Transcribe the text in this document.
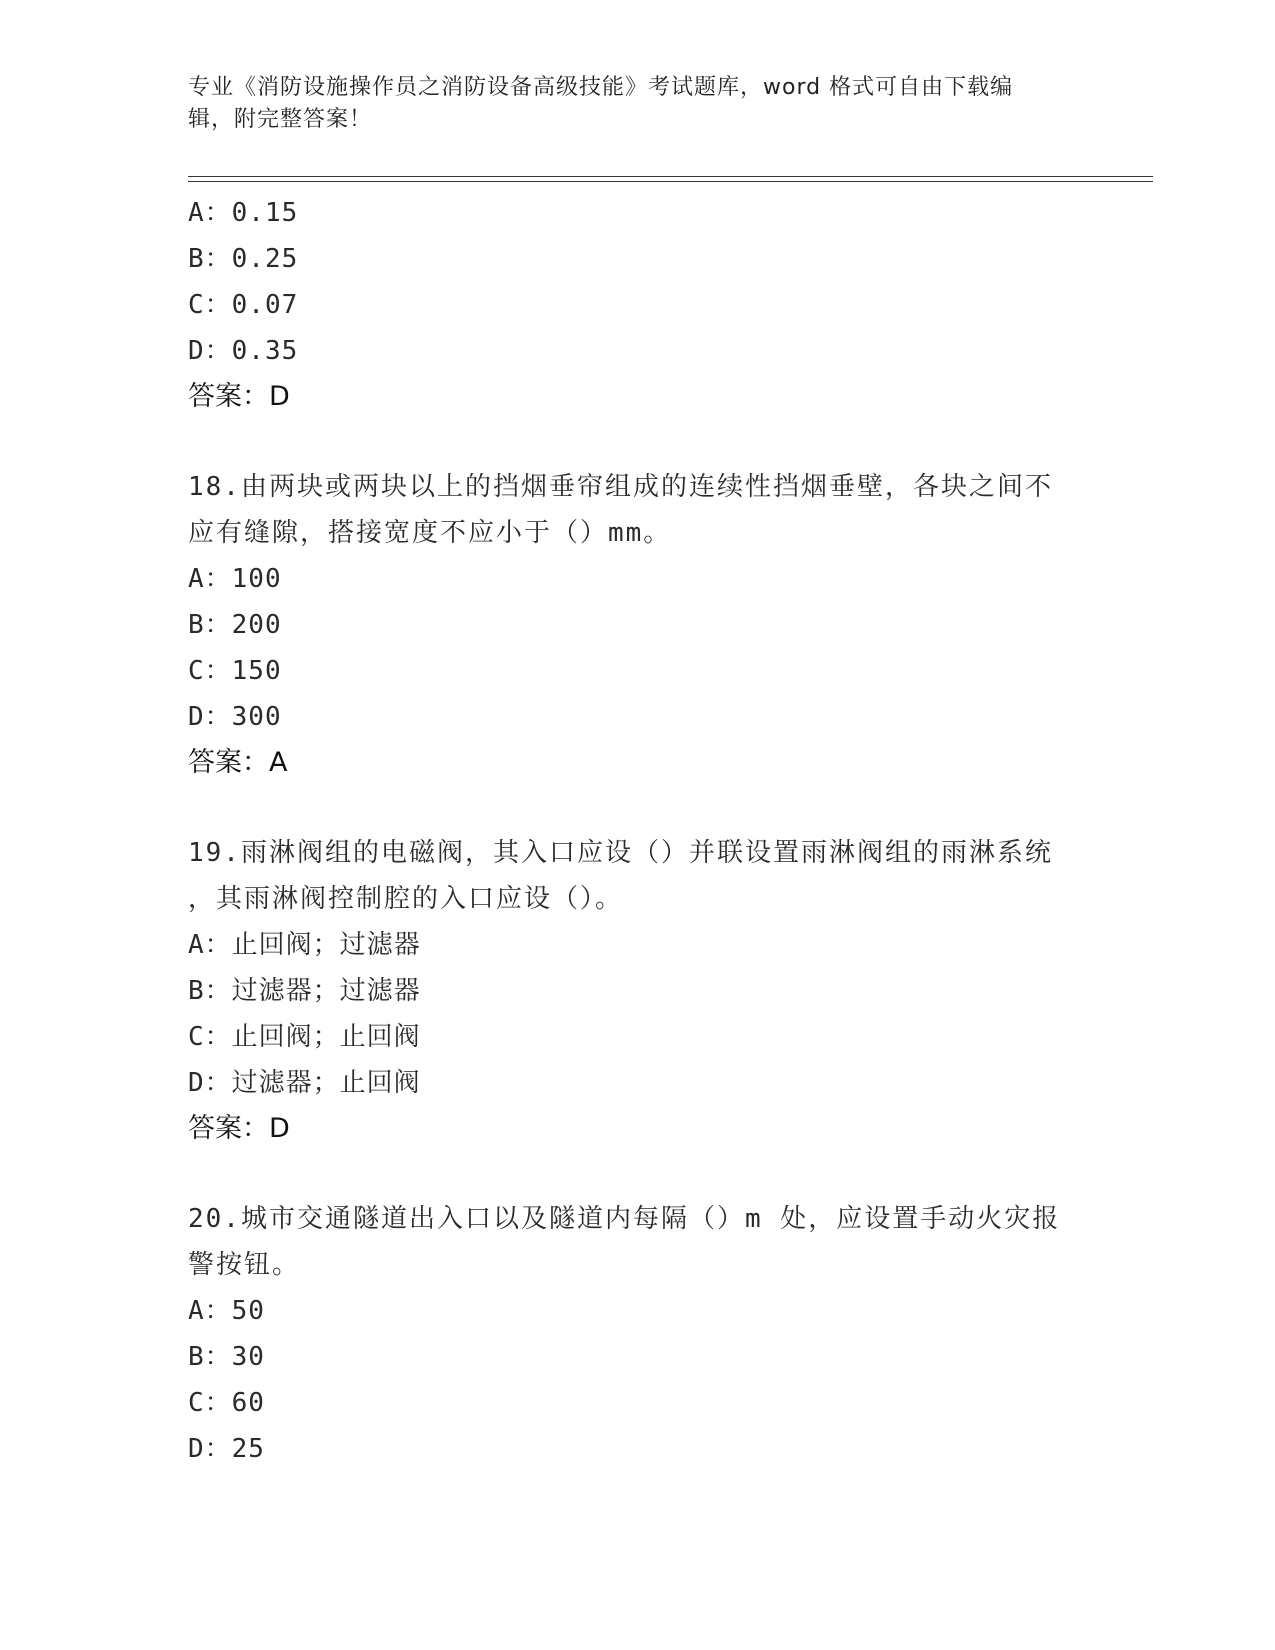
专业《消防设施操作员之消防设备高级技能》考试题库，word 格式可自由下载编
辑，附完整答案！
A：0.15
B：0.25
C：0.07
D：0.35
答案：D
18.由两块或两块以上的挡烟垂帘组成的连续性挡烟垂壁，各块之间不
应有缝隙，搭接宽度不应小于（）mm。
A：100
B：200
C：150
D：300
答案：A
19.雨淋阀组的电磁阀，其入口应设（）并联设置雨淋阀组的雨淋系统
，其雨淋阀控制腔的入口应设（）。
A：止回阀；过滤器
B：过滤器；过滤器
C：止回阀；止回阀
D：过滤器；止回阀
答案：D
20.城市交通隧道出入口以及隧道内每隔（）m 处，应设置手动火灾报
警按钮。
A：50
B：30
C：60
D：25
